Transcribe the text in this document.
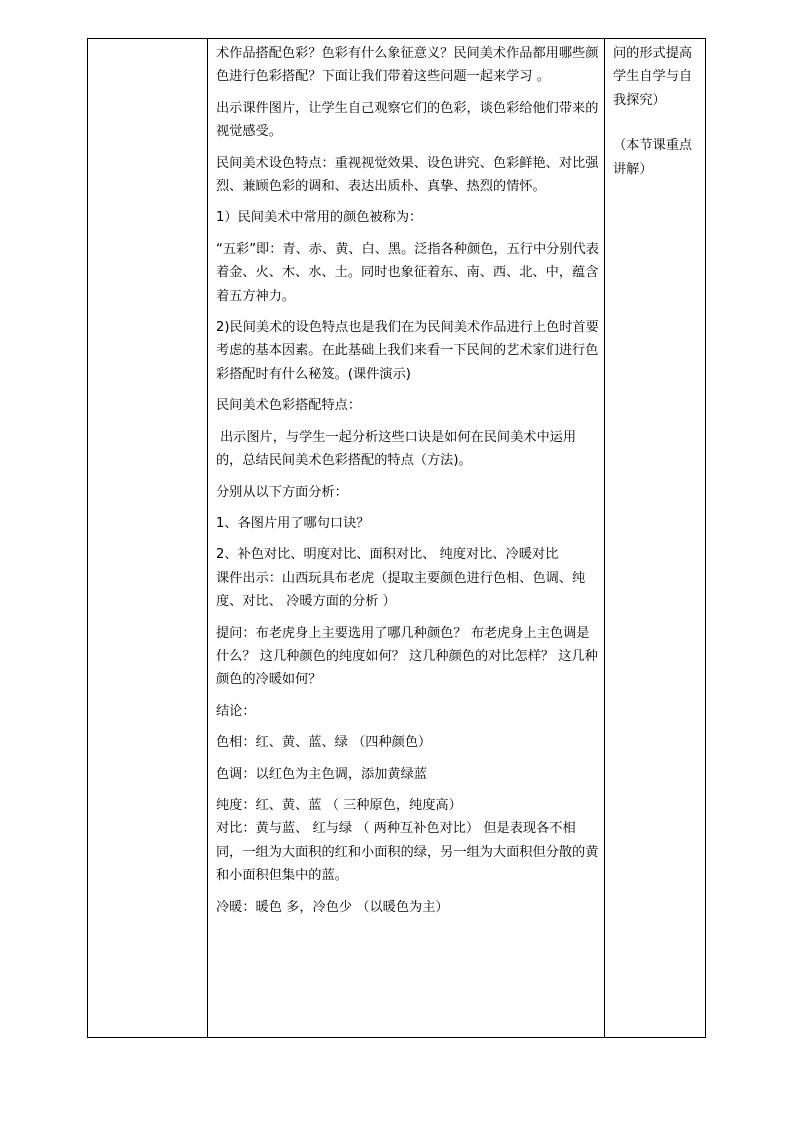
术作品搭配色彩？色彩有什么象征意义？民间美术作品都用哪些颜色进行色彩搭配？下面让我们带着这些问题一起来学习 。

出示课件图片，让学生自己观察它们的色彩，谈色彩给他们带来的视觉感受。

民间美术设色特点：重视视觉效果、设色讲究、色彩鲜艳、对比强烈、兼顾色彩的调和、表达出质朴、真挚、热烈的情怀。

1）民间美术中常用的颜色被称为：

“五彩”即：青、赤、黄、白、黑。泛指各种颜色，五行中分别代表着金、火、木、水、土。同时也象征着东、南、西、北、中，蕴含着五方神力。

2)民间美术的设色特点也是我们在为民间美术作品进行上色时首要考虑的基本因素。在此基础上我们来看一下民间的艺术家们进行色彩搭配时有什么秘笈。(课件演示)

民间美术色彩搭配特点：

出示图片，与学生一起分析这些口诀是如何在民间美术中运用的，总结民间美术色彩搭配的特点（方法)。

分别从以下方面分析：

1、各图片用了哪句口诀？

2、补色对比、明度对比、面积对比、 纯度对比、冷暖对比

课件出示：山西玩具布老虎（提取主要颜色进行色相、色调、纯度、对比、 冷暖方面的分析 ）

提问：布老虎身上主要选用了哪几种颜色？ 布老虎身上主色调是什么？ 这几种颜色的纯度如何？ 这几种颜色的对比怎样？ 这几种颜色的冷暖如何？

结论：

色相：红、黄、蓝、绿 （四种颜色）

色调：以红色为主色调，添加黄绿蓝

纯度：红、黄、蓝 （ 三种原色，纯度高）

对比：黄与蓝、 红与绿 （ 两种互补色对比） 但是表现各不相同，一组为大面积的红和小面积的绿，另一组为大面积但分散的黄和小面积但集中的蓝。

冷暖：暖色 多，冷色少 （以暖色为主）

问的形式提高学生自学与自我探究）

（本节课重点讲解）
